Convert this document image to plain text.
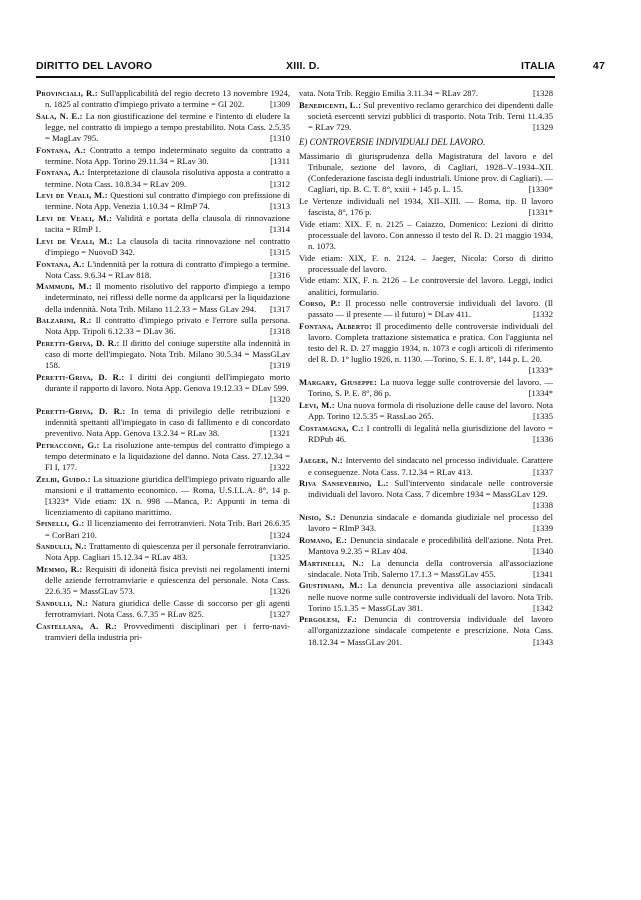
DIRITTO DEL LAVORO	XIII. D.	ITALIA	47
Provinciali, R.: Sull'applicabilità del regio decreto 13 novembre 1924, n. 1825 al contratto d'impiego privato a termine = GI 202.	[1309
Sala, N. E.: La non giustificazione del termine e l'intento di eludere la legge, nel contratto di impiego a tempo prestabilito. Nota Cass. 2.5.35 = MagLav 795.	[1310
Fontana, A.: Contratto a tempo indeterminato seguito da contratto a termine. Nota App. Torino 29.11.34 = RLav 30.	[1311
Fontana, A.: Interpretazione di clausola risolutiva apposta a contratto a termine. Nota Cass. 10.8.34 = RLav 209.	[1312
Levi de Veali, M.: Questioni sul contratto d'impiego con prefissione di termine. Nota App. Venezia 1.10.34 = RImP 74.	[1313
Levi de Veali, M.: Validità e portata della clausola di rinnovazione tacita = RImP 1.	[1314
Levi de Veali, M.: La clausola di tacita rinnovazione nel contratto d'impiego = NuovoD 342.	[1315
Fontana, A.: L'indennità per la rottura di contratto d'impiego a termine. Nota Cass. 9.6.34 = RLav 818.	[1316
Mammudi, M.: Il momento risolutivo del rapporto d'impiego a tempo indeterminato, nei riflessi delle norme da applicarsi per la liquidazione della indennità. Nota Trib. Milano 11.2.33 = Mass GLav 294. [1317
Balzarini, R.: Il contratto d'impiego privato e l'errore sulla persona. Nota App. Tripoli 6.12.33 = DLav 36.	[1318
Peretti-Griva, D. R.: Il diritto del coniuge superstite alla indennità in caso di morte dell'impiegato. Nota Trib. Milano 30.5.34 = MassGLav 158.	[1319
Peretti-Griva, D. R.: I diritti dei congiunti dell'impiegato morto durante il rapporto di lavoro. Nota App. Genova 19.12.33 = DLav 599.
[1320
Peretti-Griva, D. R.: In tema di privilegio delle retribuzioni e indennità spettanti all'impiegato in caso di fallimento e di concordato preventivo. Nota App. Genova 13.2.34 = RLav 38.	[1321
Petraccone, G.: La risoluzione ante-tempus del contratto d'impiego a tempo determinato e la liquidazione del danno. Nota Cass. 27.12.34 = FI I, 177.	[1322
Zelbi, Guido.: La situazione giuridica dell'impiego privato riguardo alle mansioni e il trattamento economico. — Roma, U.S.I.L.A. 8°, 14 p. [1323* Vide etiam: IX n. 998 —Manca, P.: Appunti in tema di licenziamento di capitano marittimo.
Spinelli, G.: Il licenziamento dei ferrotranvieri. Nota Trib. Bari 26.6.35 = CorBari 210.	[1324
Sandulli, N.: Trattamento di quiescenza per il personale ferrotranviario. Nota App. Cagliari 15.12.34 = RLav 483.	[1325
Memmo, R.: Requisiti di idoneità fisica previsti nei regolamenti interni delle aziende ferrotramviarie e quiescenza del personale. Nota Cass. 22.6.35 = MassGLav 573.	[1326
Sandulli, N.: Natura giuridica delle Casse di soccorso per gli agenti ferrotramviari. Nota Cass. 6.7.35 = RLav 825.	[1327
Castellana, A. R.: Provvedimenti disciplinari per i ferro-navi-tramvieri della industria pri-
vata. Nota Trib. Reggio Emilia 3.11.34 = RLav 287.	[1328
Benedicenti, L.: Sul preventivo reclamo gerarchico dei dipendenti dalle società esercenti servizi pubblici di trasporto. Nota Trib. Terni 11.4.35 = RLav 729.	[1329
E) CONTROVERSIE INDIVIDUALI DEL LAVORO.
Massimario di giurisprudenza della Magistratura del lavoro e del Tribunale, sezione del lavoro, di Cagliari, 1928–V–1934–XII. (Confederazione fascista degli industriali. Unione prov. di Cagliari). — Cagliari, tip. B. C. T. 8°, xxiii + 145 p. L. 15.	[1330*
Le Vertenze individuali nel 1934, XII–XIII. — Roma, tip. Il lavoro fascista, 8°, 176 p.	[1331*
Vide etiam: XIX. F. n. 2125 – Caiazzo, Domenico: Lezioni di diritto processuale del lavoro. Con annesso il testo del R. D. 21 maggio 1934, n. 1073.
Vide etiam: XIX, F. n. 2124. – Jaeger, Nicola: Corso di diritto processuale del lavoro.
Vide etiam: XIX, F. n. 2126 – Le controversie del lavoro. Leggi, indici analitici, formulario.
Corso, P.: Il processo nelle controversie individuali del lavoro. (Il passato — il presente — il futuro) = DLav 411.	[1332
Fontana, Alberto: Il procedimento delle controversie individuali del lavoro. Completa trattazione sistematica e pratica. Con l'aggiunta nel testo del R. D. 27 maggio 1934, n. 1073 e cogli articoli di riferimento del R. D. 1° luglio 1926, n. 1130. —Torino, S. E. I. 8°, 144 p. L. 20.
[1333*
Margary, Giuseppe: La nuova legge sulle controversie del lavoro. — Torino, S. P. E. 8°, 86 p.	[1334*
Levi, M.: Una nuova formola di risoluzione delle cause del lavoro. Nota App. Torino 12.5.35 = RassLao 265.	[1335
Costamagna, C.: I controlli di legalità nella giurisdizione del lavoro = RDPub 46.	[1336
Jaeger, N.: Intervento del sindacato nel processo individuale. Carattere e conseguenze. Nota Cass. 7.12.34 = RLav 413.	[1337
Riva Sanseverino, L.: Sull'intervento sindacale nelle controversie individuali del lavoro. Nota Cass. 7 dicembre 1934 = MassGLav 129.
[1338
Nisio, S.: Denunzia sindacale e domanda giudiziale nel processo del lavoro = RImP 343.	[1339
Romano, E.: Denuncia sindacale e procedibilità dell'azione. Nota Pret. Mantova 9.2.35 = RLav 404.	[1340
Martinelli, N.: La denuncia della controversia all'associazione sindacale. Nota Trib. Salerno 17.1.3 = MassGLav 455.	[1341
Giustiniani, M.: La denuncia preventiva alle associazioni sindacali nelle nuove norme sulle controversie individuali del lavoro. Nota Trib. Torino 15.1.35 = MassGLav 381.	[1342
Pergolesi, F.: Denuncia di controversia individuale del lavoro all'organizzazione sindacale competente e prescrizione. Nota Cass. 18.12.34 = MassGLav 201.	[1343
